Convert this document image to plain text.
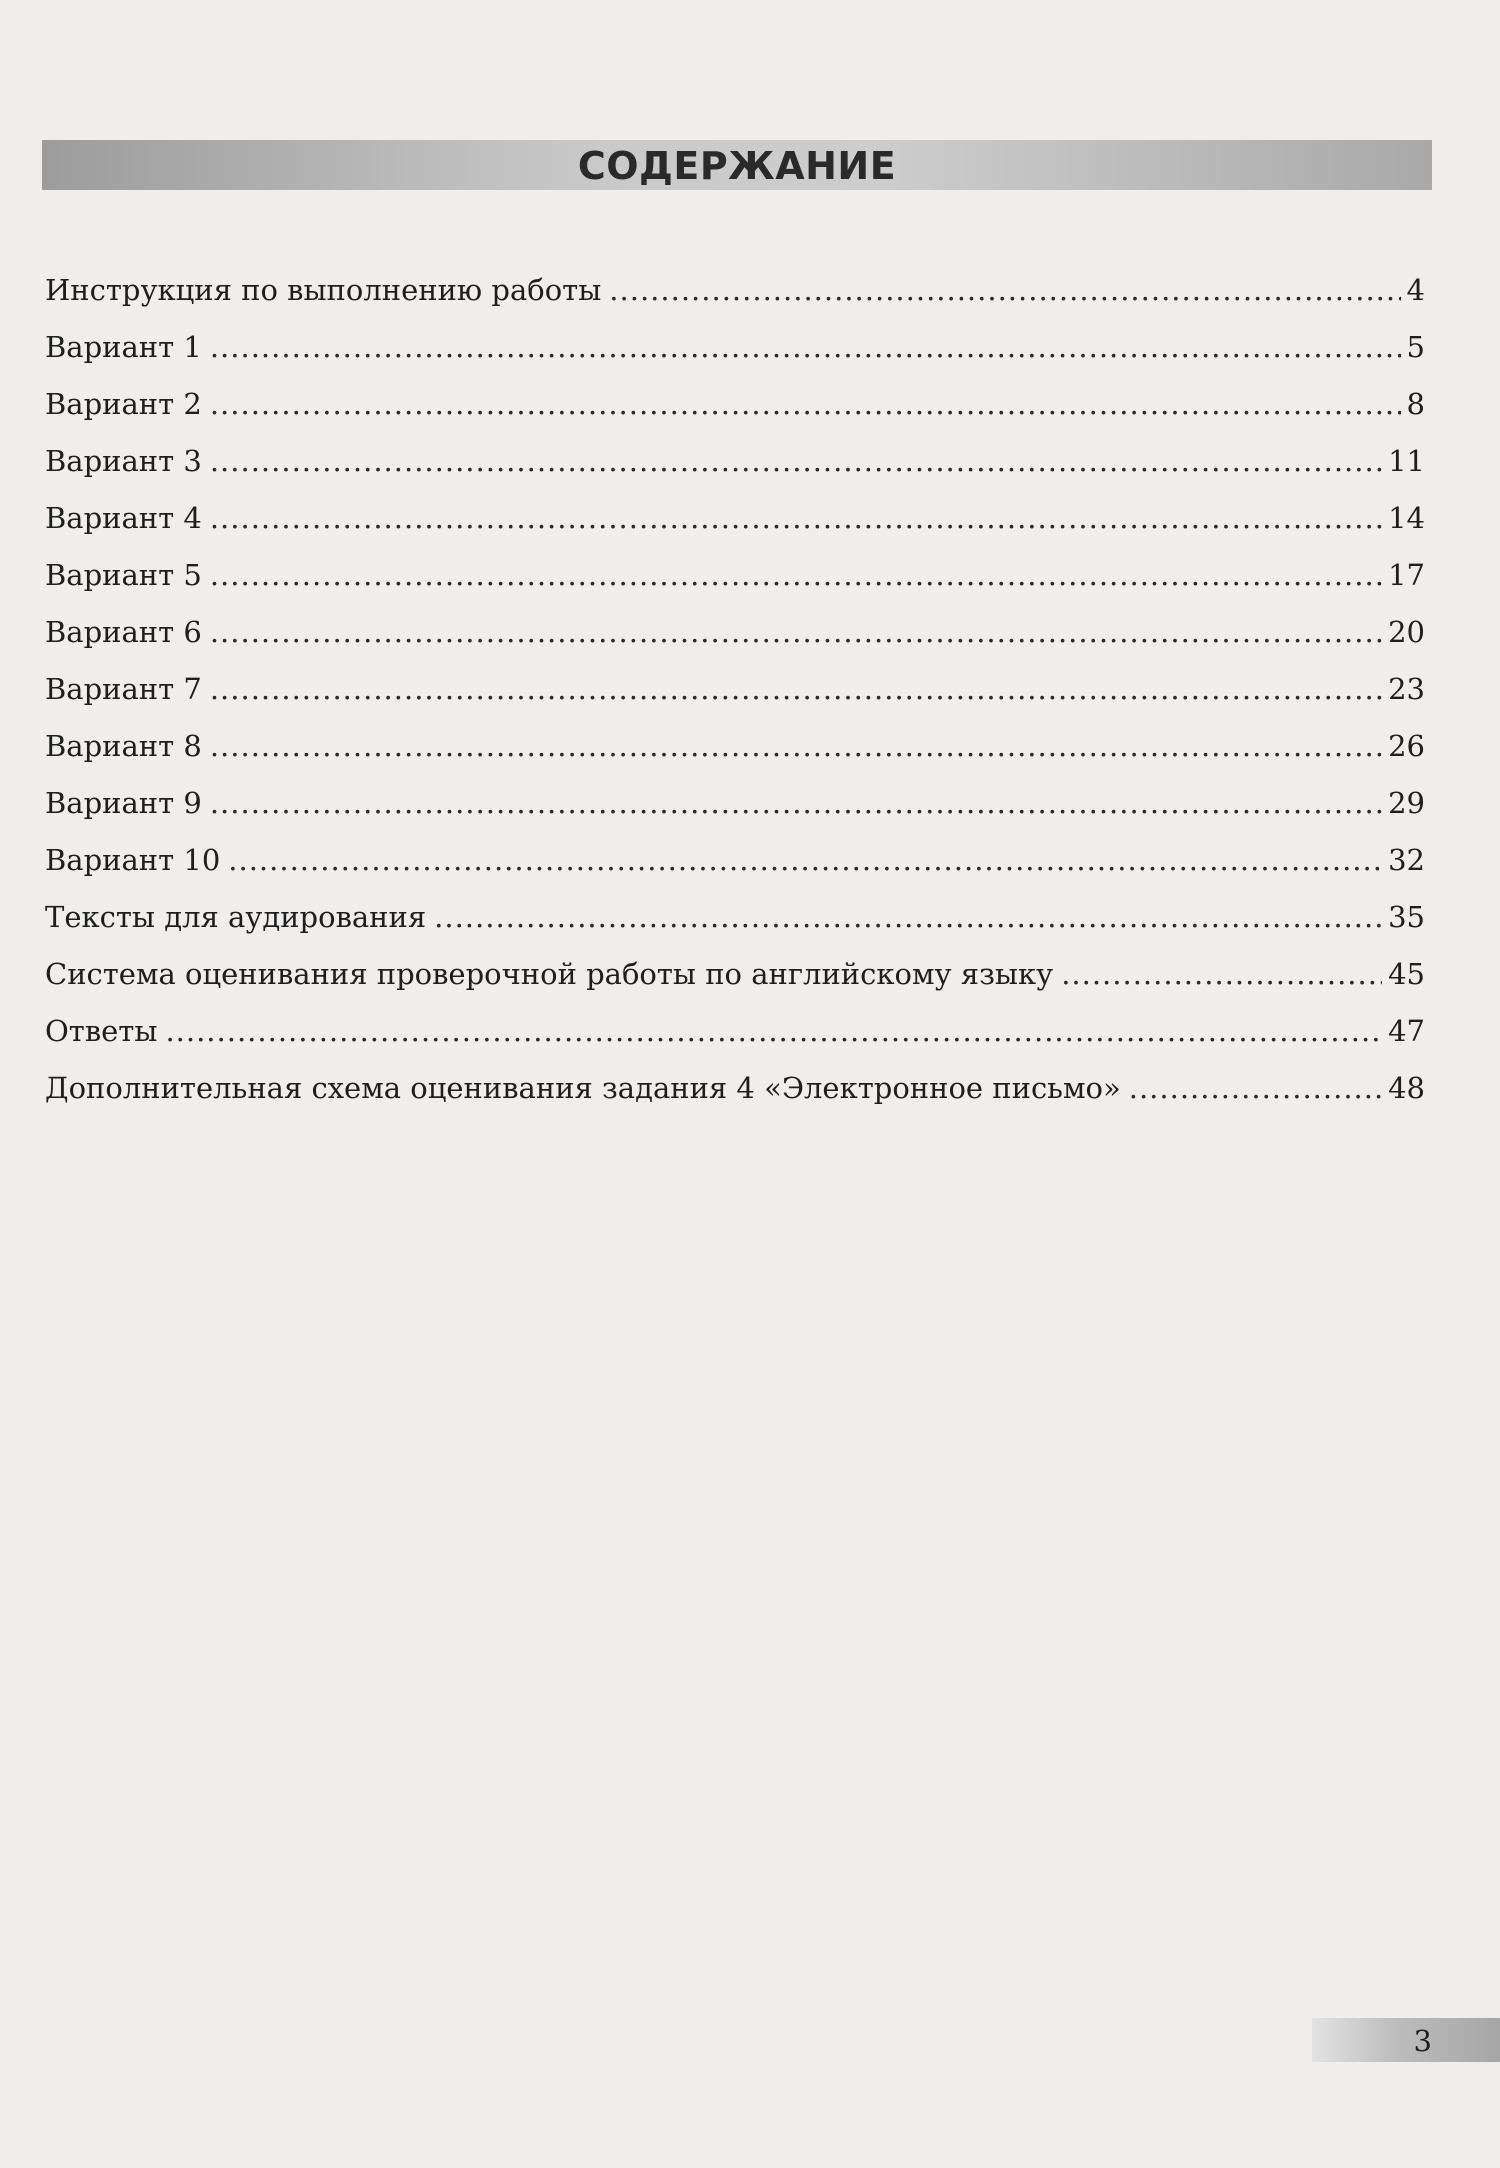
СОДЕРЖАНИЕ
Инструкция по выполнению работы .....	4
Вариант 1 .....	5
Вариант 2 .....	8
Вариант 3 .....	11
Вариант 4 .....	14
Вариант 5 .....	17
Вариант 6 .....	20
Вариант 7 .....	23
Вариант 8 .....	26
Вариант 9 .....	29
Вариант 10 .....	32
Тексты для аудирования .....	35
Система оценивания проверочной работы по английскому языку .....	45
Ответы .....	47
Дополнительная схема оценивания задания 4 «Электронное письмо» .....	48
3
